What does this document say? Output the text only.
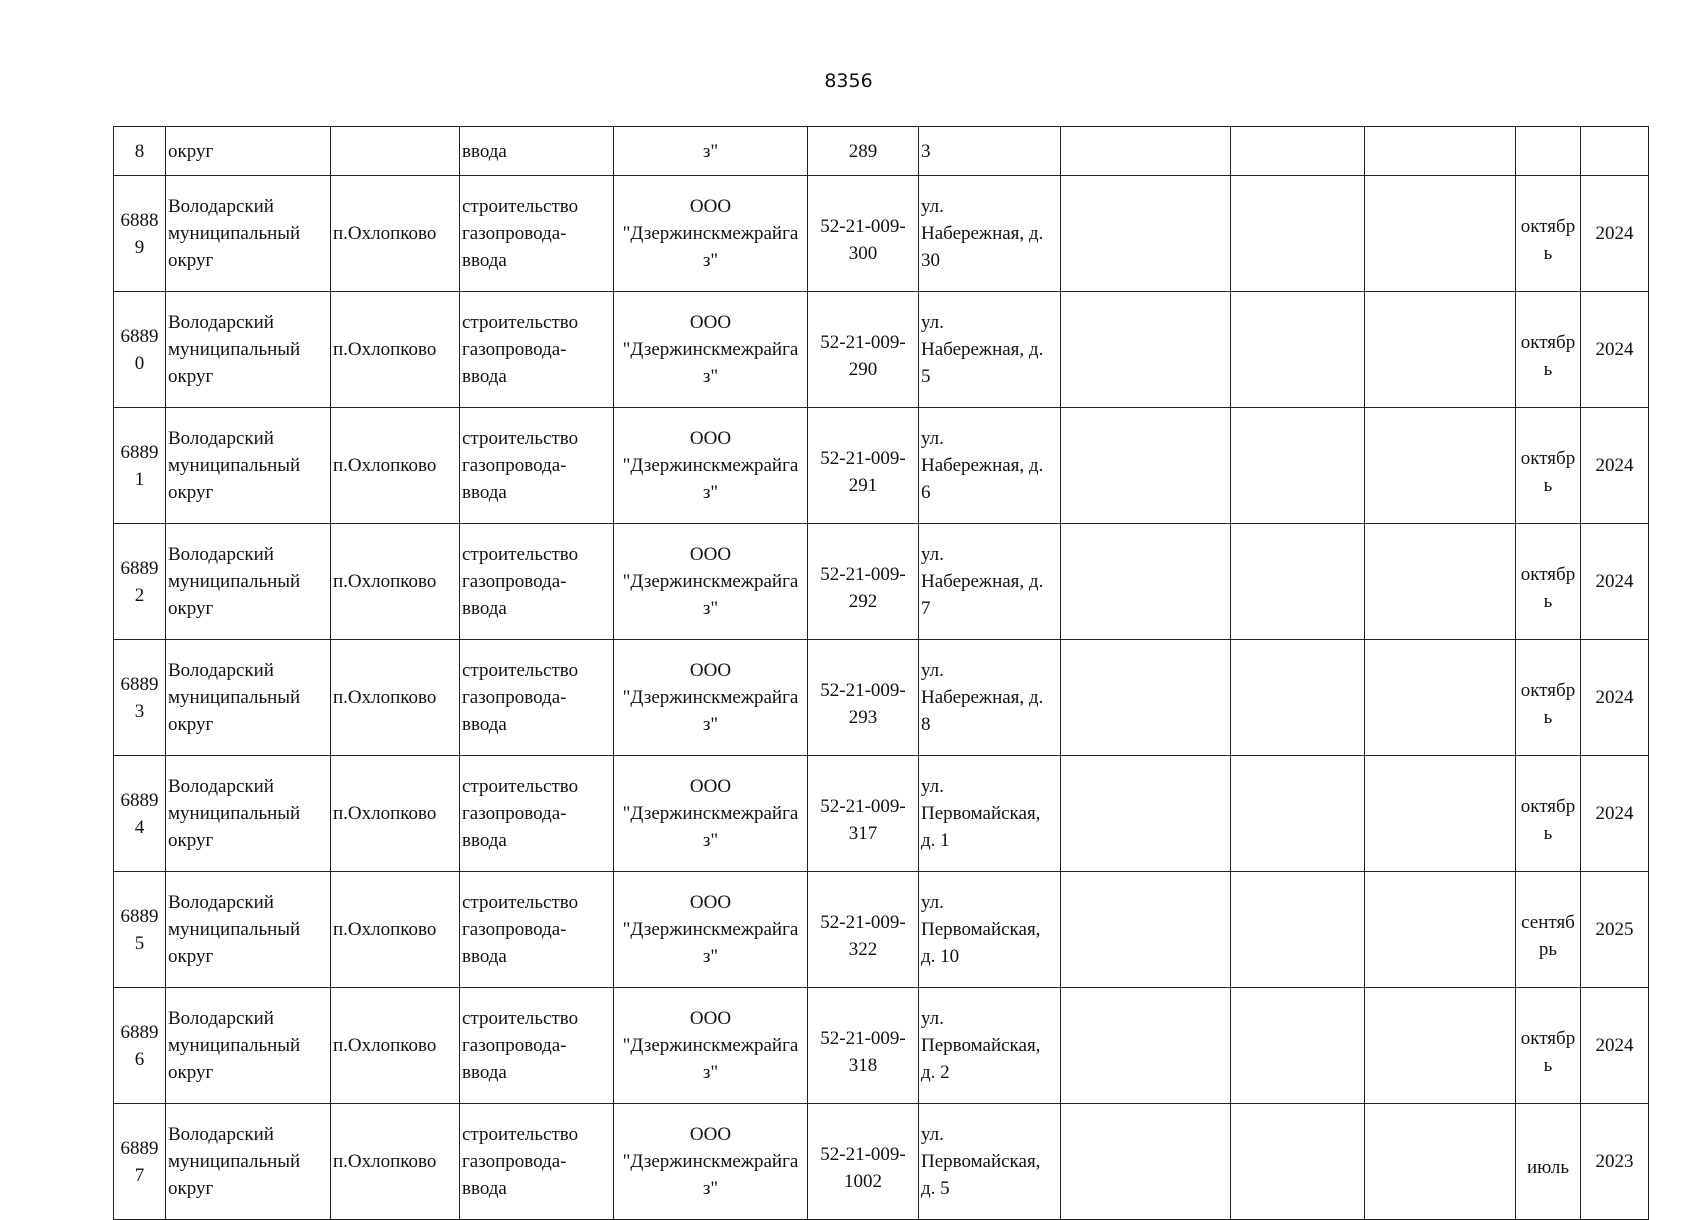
8356
8	округ		ввода	з"	289	3					

6888
9	Володарский
муниципальный
округ	п.Охлопково	строительство
газопровода-
ввода	ООО
"Дзержинскмежрайга
з"	52-21-009-
300	ул.
Набережная, д.
30				октябр
ь	2024

6889
0	Володарский
муниципальный
округ	п.Охлопково	строительство
газопровода-
ввода	ООО
"Дзержинскмежрайга
з"	52-21-009-
290	ул.
Набережная, д.
5				октябр
ь	2024

6889
1	Володарский
муниципальный
округ	п.Охлопково	строительство
газопровода-
ввода	ООО
"Дзержинскмежрайга
з"	52-21-009-
291	ул.
Набережная, д.
6				октябр
ь	2024

6889
2	Володарский
муниципальный
округ	п.Охлопково	строительство
газопровода-
ввода	ООО
"Дзержинскмежрайга
з"	52-21-009-
292	ул.
Набережная, д.
7				октябр
ь	2024

6889
3	Володарский
муниципальный
округ	п.Охлопково	строительство
газопровода-
ввода	ООО
"Дзержинскмежрайга
з"	52-21-009-
293	ул.
Набережная, д.
8				октябр
ь	2024

6889
4	Володарский
муниципальный
округ	п.Охлопково	строительство
газопровода-
ввода	ООО
"Дзержинскмежрайга
з"	52-21-009-
317	ул.
Первомайская,
д. 1				октябр
ь	2024

6889
5	Володарский
муниципальный
округ	п.Охлопково	строительство
газопровода-
ввода	ООО
"Дзержинскмежрайга
з"	52-21-009-
322	ул.
Первомайская,
д. 10				сентяб
рь	2025

6889
6	Володарский
муниципальный
округ	п.Охлопково	строительство
газопровода-
ввода	ООО
"Дзержинскмежрайга
з"	52-21-009-
318	ул.
Первомайская,
д. 2				октябр
ь	2024

6889
7	Володарский
муниципальный
округ	п.Охлопково	строительство
газопровода-
ввода	ООО
"Дзержинскмежрайга
з"	52-21-009-
1002	ул.
Первомайская,
д. 5				июль	2023
